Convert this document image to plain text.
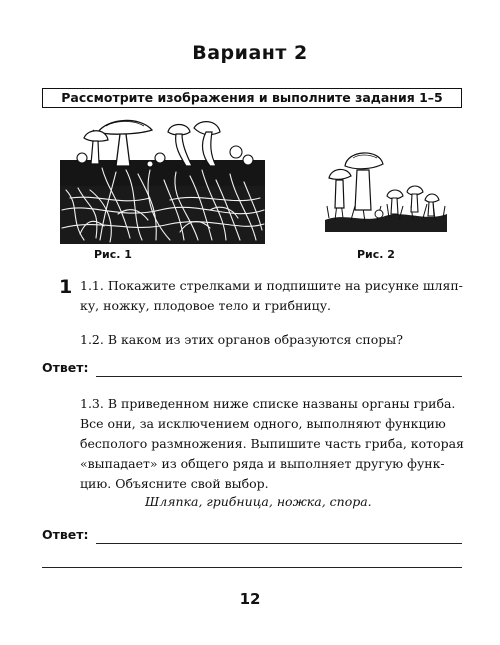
Вариант 2
Рассмотрите изображения и выполните задания 1–5
Рис. 1	Рис. 2
1 1.1. Покажите стрелками и подпишите на рисунке шляп-
ку, ножку, плодовое тело и грибницу.
1.2. В каком из этих органов образуются споры?
Ответ:
1.3. В приведенном ниже списке названы органы гриба.
Все они, за исключением одного, выполняют функцию
бесполого размножения. Выпишите часть гриба, которая
«выпадает» из общего ряда и выполняет другую функ-
цию. Объясните свой выбор.
Шляпка, грибница, ножка, спора.
Ответ:
12
